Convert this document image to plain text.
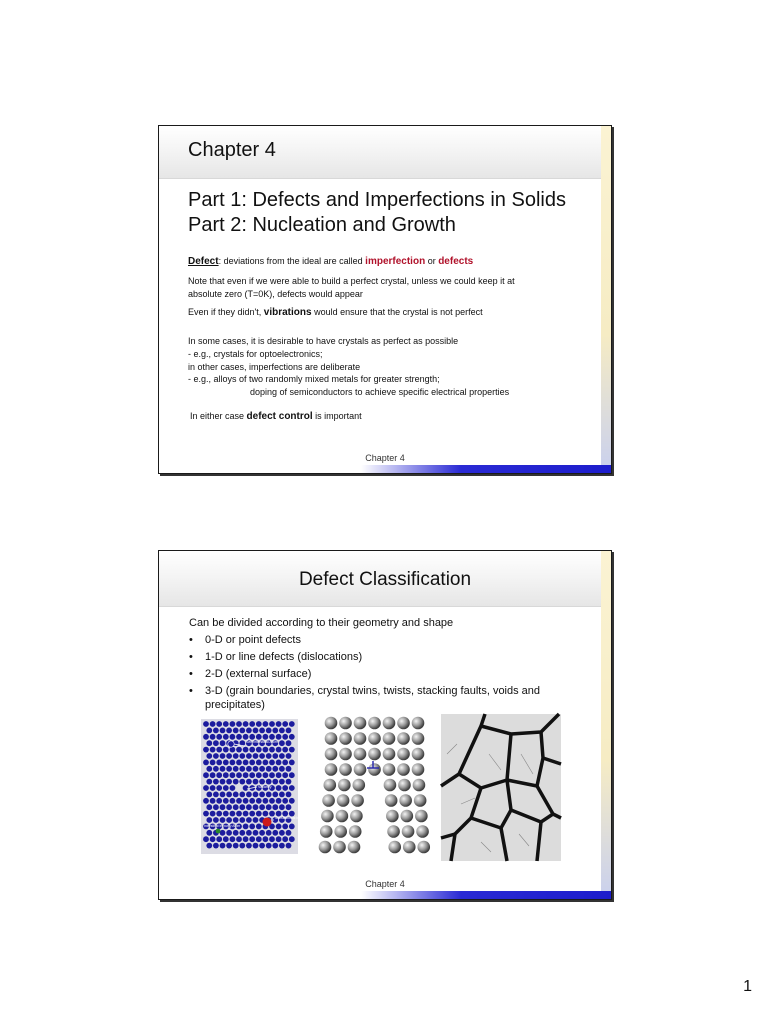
Chapter 4
Part 1: Defects and Imperfections in Solids
Part 2: Nucleation and Growth
Defect: deviations from the ideal are called imperfection or defects
Note that even if we were able to build a perfect crystal, unless we could keep it at
absolute zero (T=0K), defects would appear
Even if they didn't, vibrations would ensure that the crystal is not perfect
In some cases, it is desirable to have crystals as perfect as possible
- e.g., crystals for optoelectronics;
in other cases, imperfections are deliberate
- e.g., alloys of two randomly mixed metals for greater strength;
doping of semiconductors to achieve specific electrical properties
In either case defect control is important
Chapter 4
Defect Classification
Can be divided according to their geometry and shape
•	0-D or point defects
•	1-D or line defects (dislocations)
•	2-D (external surface)
•	3-D (grain boundaries, crystal twins, twists, stacking faults, voids and precipitates)
Self Interstitial Atom
Vacancy
Substitutional Impurity Atom
Interstitial Impurity Atom
Chapter 4
1
